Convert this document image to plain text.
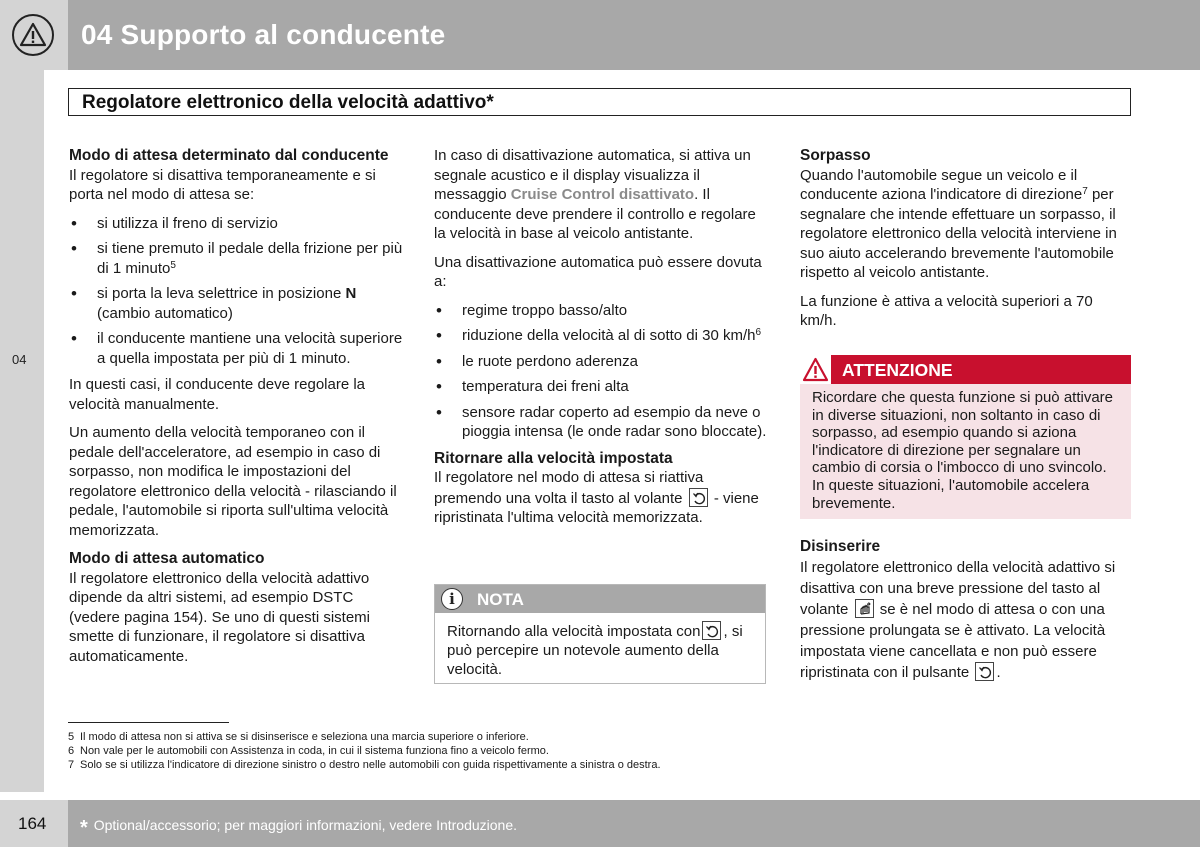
04 Supporto al conducente
04
Regolatore elettronico della velocità adattivo*
Modo di attesa determinato dal conducente
Il regolatore si disattiva temporaneamente e si porta nel modo di attesa se:
• si utilizza il freno di servizio
• si tiene premuto il pedale della frizione per più di 1 minuto$^5$
• si porta la leva selettrice in posizione N (cambio automatico)
• il conducente mantiene una velocità superiore a quella impostata per più di 1 minuto.
In questi casi, il conducente deve regolare la velocità manualmente.
Un aumento della velocità temporaneo con il pedale dell'acceleratore, ad esempio in caso di sorpasso, non modifica le impostazioni del regolatore elettronico della velocità - rilasciando il pedale, l'automobile si riporta sull'ultima velocità memorizzata.
Modo di attesa automatico
Il regolatore elettronico della velocità adattivo dipende da altri sistemi, ad esempio DSTC (vedere pagina 154). Se uno di questi sistemi smette di funzionare, il regolatore si disattiva automaticamente.
In caso di disattivazione automatica, si attiva un segnale acustico e il display visualizza il messaggio Cruise Control disattivato. Il conducente deve prendere il controllo e regolare la velocità in base al veicolo antistante.
Una disattivazione automatica può essere dovuta a:
• regime troppo basso/alto
• riduzione della velocità al di sotto di 30 $km/h^6$
• le ruote perdono aderenza
• temperatura dei freni alta
• sensore radar coperto ad esempio da neve o pioggia intensa (le onde radar sono bloccate).
Ritornare alla velocità impostata
Il regolatore nel modo di attesa si riattiva premendo una volta il tasto al volante
- viene ripristinata l'ultima velocità memorizzata.
i	NOTA
Ritornando alla velocità impostata con , si può percepire un notevole aumento della velocità.
Sorpasso
Quando l'automobile segue un veicolo e il conducente aziona l'indicatore di direzione$^7$ per segnalare che intende effettuare un sorpasso, il regolatore elettronico della velocità interviene in suo aiuto accelerando brevemente l'automobile rispetto al veicolo antistante.
La funzione è attiva a velocità superiori a 70 km/h.
ATTENZIONE
Ricordare che questa funzione si può attivare in diverse situazioni, non soltanto in caso di sorpasso, ad esempio quando si aziona l'indicatore di direzione per segnalare un cambio di corsia o l'imbocco di uno svincolo. In queste situazioni, l'automobile accelera brevemente.
Disinserire
Il regolatore elettronico della velocità adattivo si disattiva con una breve pressione del tasto al volante
se è nel modo di attesa o con una pressione prolungata se è attivato. La velocità impostata viene cancellata e non può essere ripristinata con il pulsante .
5 Il modo di attesa non si attiva se si disinserisce e seleziona una marcia superiore o inferiore.
6 Non vale per le automobili con Assistenza in coda, in cui il sistema funziona fino a veicolo fermo.
7 Solo se si utilizza l'indicatore di direzione sinistro o destro nelle automobili con guida rispettivamente a sinistra o destra.
164 * Optional/accessorio; per maggiori informazioni, vedere Introduzione.
